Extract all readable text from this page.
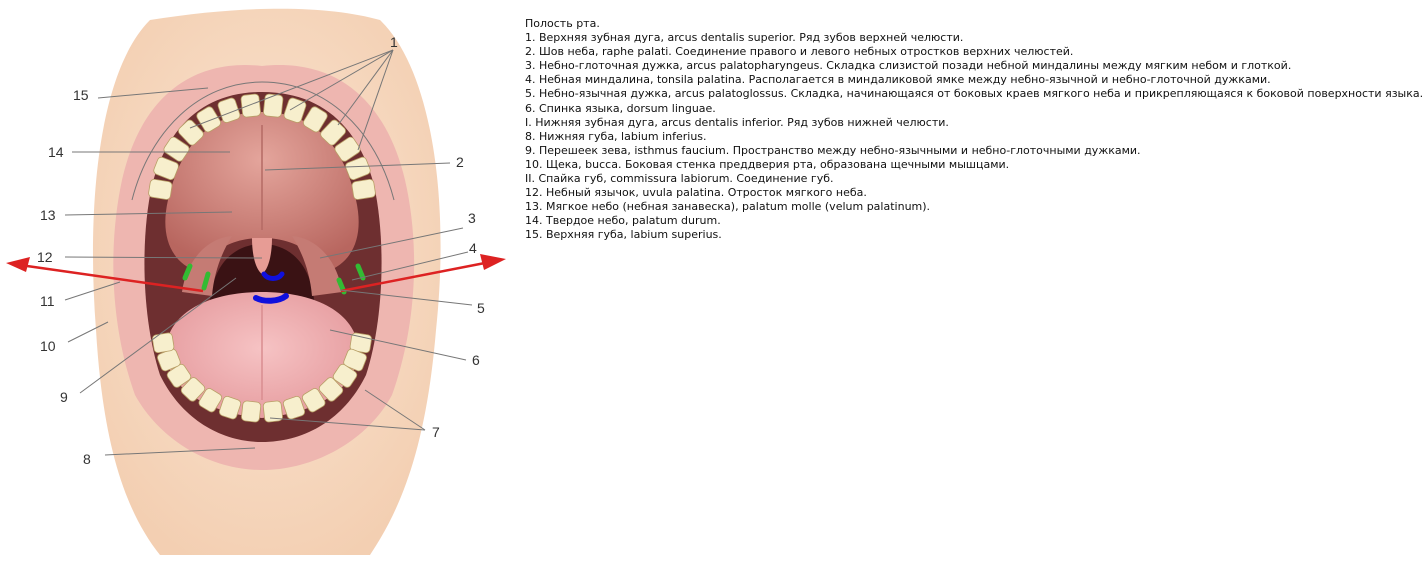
1
2
3
4
5
6
7
8
9
10
11
12
13
14
15
Полость рта.
1. Верхняя зубная дуга, arcus dentalis superior. Ряд зубов верхней челюсти.
2. Шов неба, raphe palati. Соединение правого и левого небных отростков верхних челюстей.
3. Небно-глоточная дужка, arcus palatopharyngeus. Складка слизистой позади небной миндалины между мягким небом и глоткой.
4. Небная миндалина, tonsila palatina. Располагается в миндаликовой ямке между небно-язычной и небно-глоточной дужками.
5. Небно-язычная дужка, arcus palatoglossus. Складка, начинающаяся от боковых краев мягкого неба и прикрепляющаяся к боковой поверхности языка.
6. Спинка языка, dorsum linguae.
I. Нижняя зубная дуга, arcus dentalis inferior. Ряд зубов нижней челюсти.
8. Нижняя губа, labium inferius.
9. Перешеек зева, isthmus faucium. Пространство между небно-язычными и небно-глоточными дужками.
10. Щека, bucca. Боковая стенка преддверия рта, образована щечными мышцами.
II. Спайка губ, commissura labiorum. Соединение губ.
12. Небный язычок, uvula palatina. Отросток мягкого неба.
13. Мягкое небо (небная занавеска), palatum molle (velum palatinum).
14. Твердое небо, palatum durum.
15. Верхняя губа, labium superius.
